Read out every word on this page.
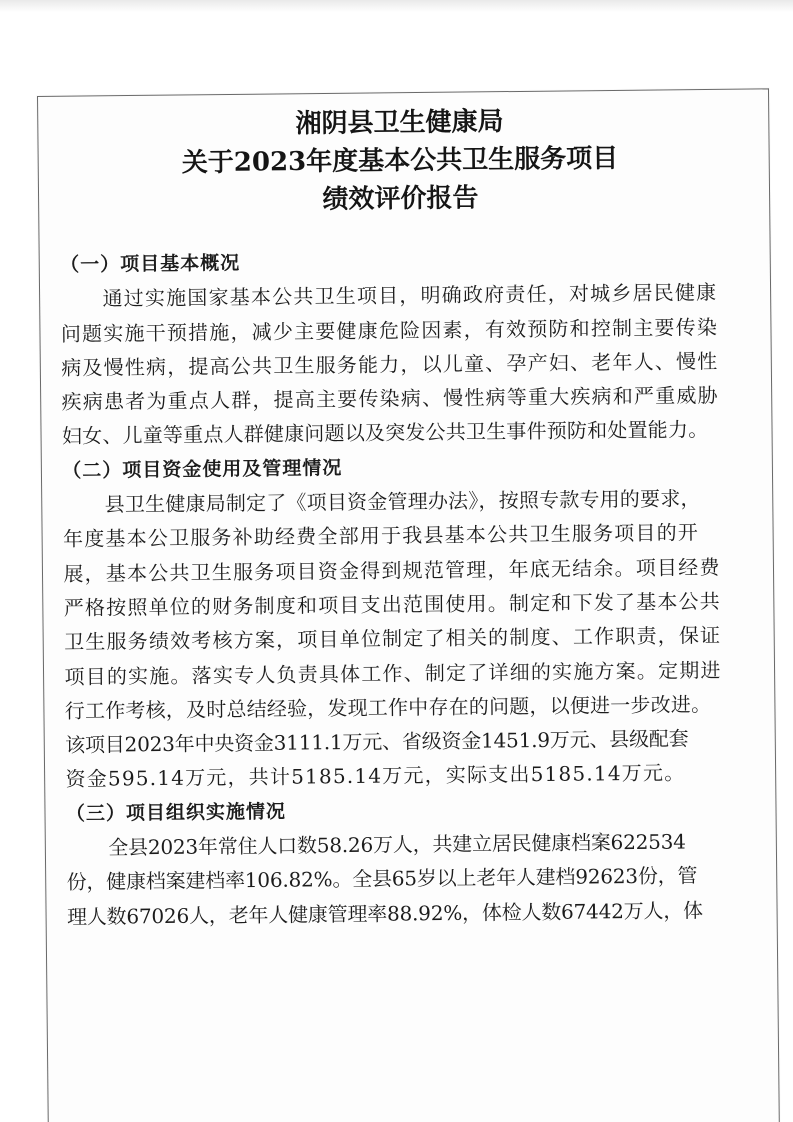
湘阴县卫生健康局
关于2023年度基本公共卫生服务项目
绩效评价报告
（一）项目基本概况
通过实施国家基本公共卫生项目，明确政府责任，对城乡居民健康
问题实施干预措施，减少主要健康危险因素，有效预防和控制主要传染
病及慢性病，提高公共卫生服务能力，以儿童、孕产妇、老年人、慢性
疾病患者为重点人群，提高主要传染病、慢性病等重大疾病和严重威胁
妇女、儿童等重点人群健康问题以及突发公共卫生事件预防和处置能力。
（二）项目资金使用及管理情况
县卫生健康局制定了《项目资金管理办法》，按照专款专用的要求，
年度基本公卫服务补助经费全部用于我县基本公共卫生服务项目的开
展，基本公共卫生服务项目资金得到规范管理，年底无结余。项目经费
严格按照单位的财务制度和项目支出范围使用。制定和下发了基本公共
卫生服务绩效考核方案，项目单位制定了相关的制度、工作职责，保证
项目的实施。落实专人负责具体工作、制定了详细的实施方案。定期进
行工作考核，及时总结经验，发现工作中存在的问题，以便进一步改进。
该项目2023年中央资金3111.1万元、省级资金1451.9万元、县级配套
资金595.14万元，共计5185.14万元，实际支出5185.14万元。
（三）项目组织实施情况
全县2023年常住人口数58.26万人，共建立居民健康档案622534
份，健康档案建档率106.82%。全县65岁以上老年人建档92623份，管
理人数67026人，老年人健康管理率88.92%，体检人数67442万人，体
